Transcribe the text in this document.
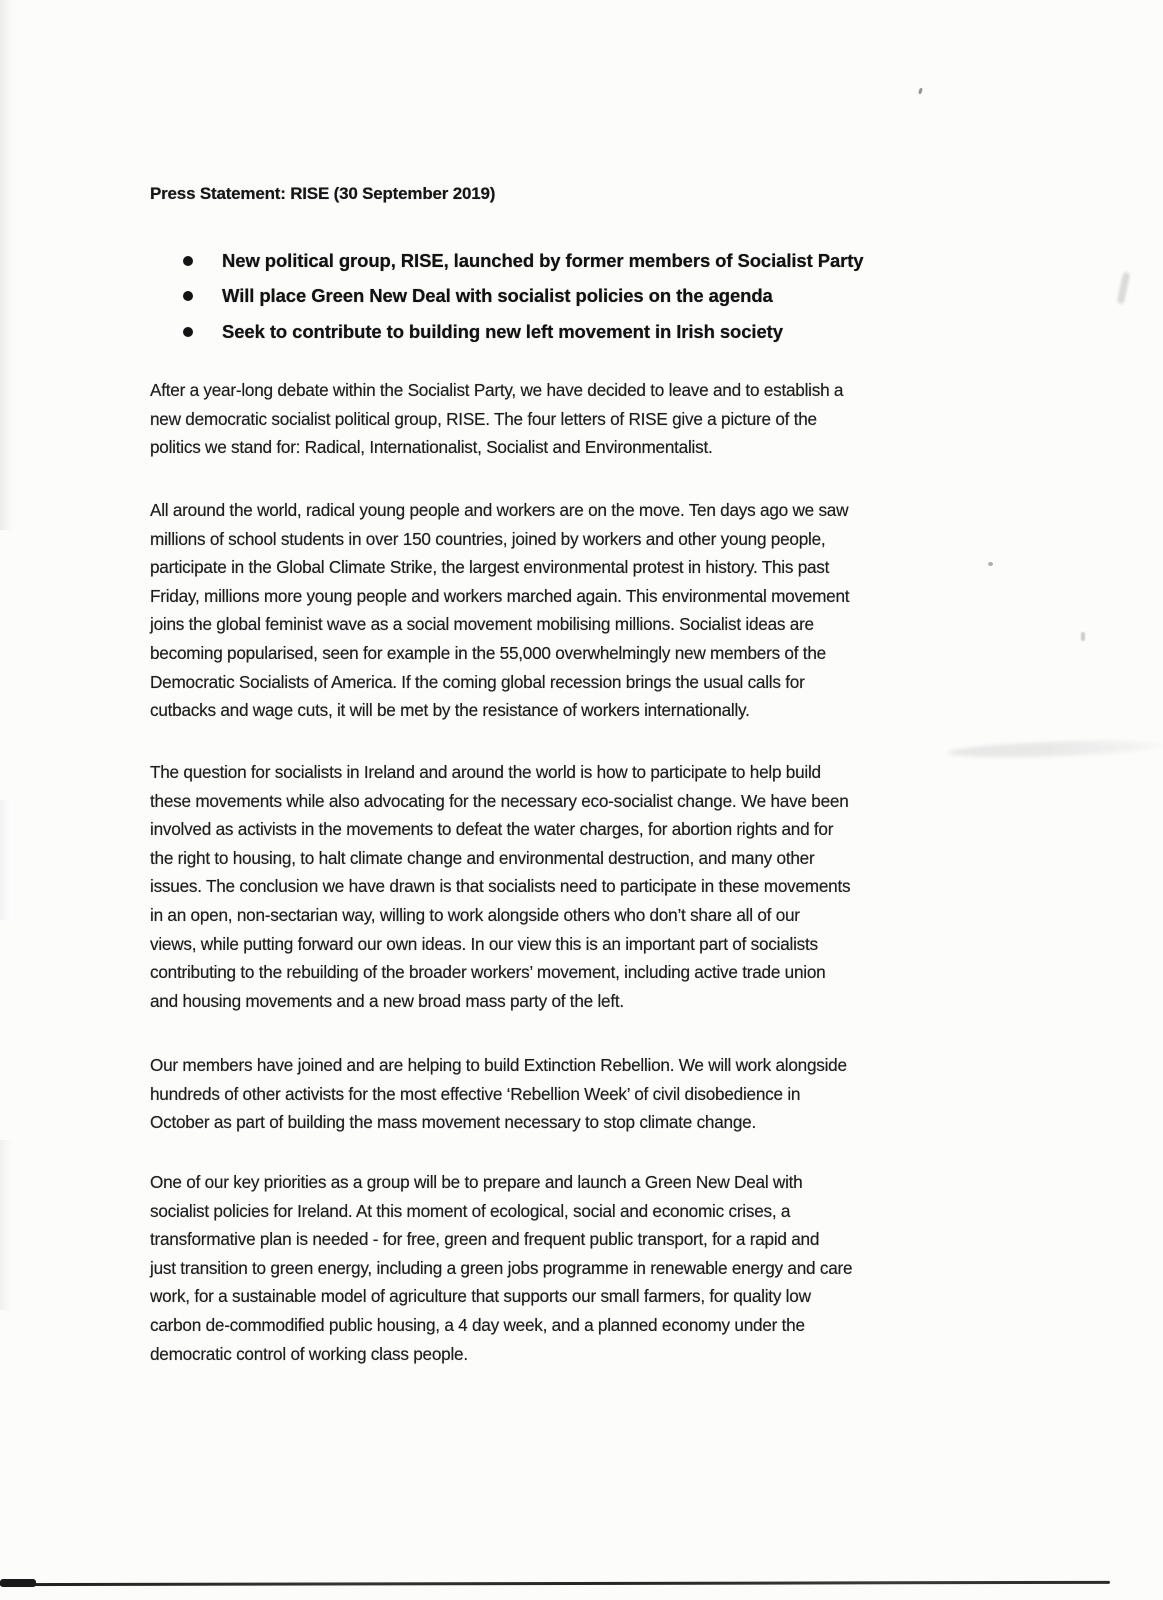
Press Statement: RISE (30 September 2019)
New political group, RISE, launched by former members of Socialist Party
Will place Green New Deal with socialist policies on the agenda
Seek to contribute to building new left movement in Irish society
After a year-long debate within the Socialist Party, we have decided to leave and to establish a
new democratic socialist political group, RISE. The four letters of RISE give a picture of the
politics we stand for: Radical, Internationalist, Socialist and Environmentalist.
All around the world, radical young people and workers are on the move. Ten days ago we saw
millions of school students in over 150 countries, joined by workers and other young people,
participate in the Global Climate Strike, the largest environmental protest in history. This past
Friday, millions more young people and workers marched again. This environmental movement
joins the global feminist wave as a social movement mobilising millions. Socialist ideas are
becoming popularised, seen for example in the 55,000 overwhelmingly new members of the
Democratic Socialists of America. If the coming global recession brings the usual calls for
cutbacks and wage cuts, it will be met by the resistance of workers internationally.
The question for socialists in Ireland and around the world is how to participate to help build
these movements while also advocating for the necessary eco-socialist change. We have been
involved as activists in the movements to defeat the water charges, for abortion rights and for
the right to housing, to halt climate change and environmental destruction, and many other
issues. The conclusion we have drawn is that socialists need to participate in these movements
in an open, non-sectarian way, willing to work alongside others who don’t share all of our
views, while putting forward our own ideas. In our view this is an important part of socialists
contributing to the rebuilding of the broader workers’ movement, including active trade union
and housing movements and a new broad mass party of the left.
Our members have joined and are helping to build Extinction Rebellion. We will work alongside
hundreds of other activists for the most effective ‘Rebellion Week’ of civil disobedience in
October as part of building the mass movement necessary to stop climate change.
One of our key priorities as a group will be to prepare and launch a Green New Deal with
socialist policies for Ireland. At this moment of ecological, social and economic crises, a
transformative plan is needed - for free, green and frequent public transport, for a rapid and
just transition to green energy, including a green jobs programme in renewable energy and care
work, for a sustainable model of agriculture that supports our small farmers, for quality low
carbon de-commodified public housing, a 4 day week, and a planned economy under the
democratic control of working class people.
